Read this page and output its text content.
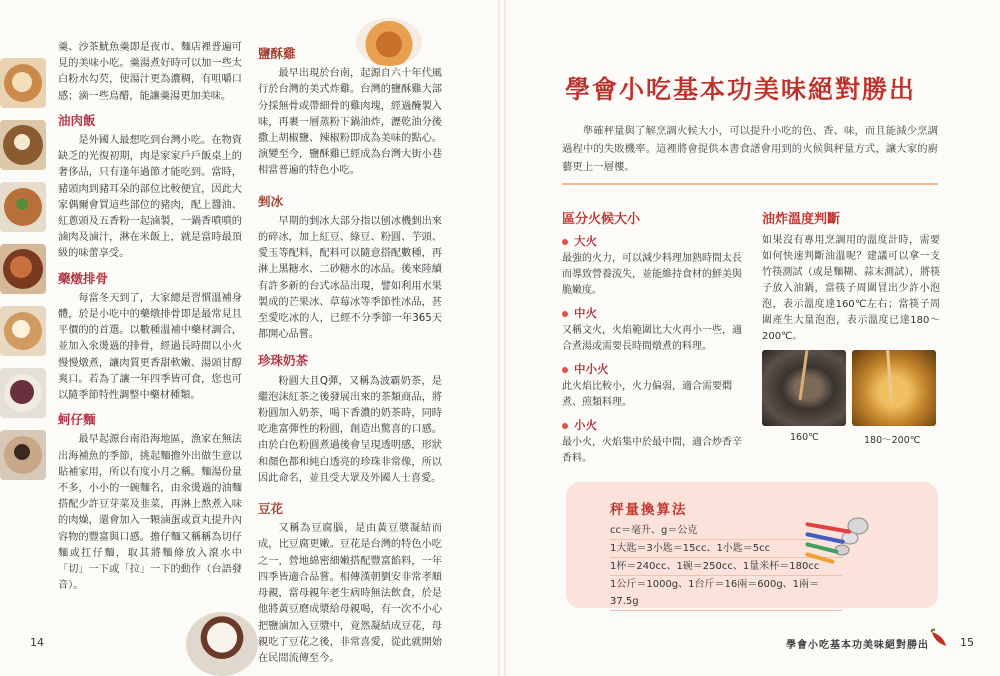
羹、沙茶魷魚羹即是夜市、麵店裡普遍可見的美味小吃。羹湯煮好時可以加一些太白粉水勾芡，使湯汁更為濃稠，有咀嚼口感；滴一些烏醋，能讓羹湯更加美味。
油肉飯
是外國人最想吃到台灣小吃。在物資缺乏的光復初期，肉是家家戶戶飯桌上的奢侈品，只有逢年過節才能吃到。當時，豬頭肉到豬耳朵的部位比較便宜，因此大家偶爾會買這些部位的豬肉，配上醬油、紅蔥頭及五香粉一起滷製，一鍋香噴噴的滷肉及滷汁，淋在米飯上，就是當時最頂級的味蕾享受。
藥燉排骨
每當冬天到了，大家總是習慣溫補身體，於是小吃中的藥燉排骨即是最常見且平價的的首選。以數種溫補中藥材調合，並加入氽燙過的排骨，經過長時間以小火慢慢燉煮，讓肉質更香甜軟嫩、湯頭甘醇爽口。若為了讓一年四季皆可食，您也可以隨季節特性調整中藥材種類。
蚵仔麵
最早起源台南沿海地區，漁家在無法出海補魚的季節，挑起麵擔外出做生意以貼補家用，所以有度小月之稱。麵湯份量不多，小小的一碗麵名，由氽燙過的油麵搭配少許豆芽菜及韭菜，再淋上熬煮入味的肉燥，還會加入一顆滷蛋或貢丸提升內容物的豐富與口感。擔仔麵又稱稱為切仔麵或扛仔麵，取其將麵條放入滾水中「切」一下或「拉」一下的動作（台語發音）。
鹽酥雞
最早出現於台南，起源自六十年代風行於台灣的美式炸雞。台灣的鹽酥雞大部分採無骨或帶細骨的雞肉塊，經過醃製入味，再裹一層蒸粉下鍋油炸，瀝乾油分後撒上胡椒鹽、辣椒粉即成為美味的點心。演變至今，鹽酥雞已經成為台灣大街小巷相當普遍的特色小吃。
剉冰
早期的剉冰大部分指以刨冰機剉出來的碎冰，加上紅豆、綠豆、粉圓、芋頭、愛玉等配料，配料可以隨意搭配數種，再淋上黑糖水、二砂糖水的冰品。後來陸續有許多新的台式冰品出現，譬如利用水果製成的芒果冰、草莓冰等季節性冰品，甚至愛吃冰的人，已經不分季節一年365天都開心品嘗。
珍珠奶茶
粉圓大且Q彈，又稱為波霸奶茶，是繼泡沫紅茶之後發展出來的茶類商品，將粉圓加入奶茶，喝下香濃的奶茶時，同時吃進富彈性的粉圓，創造出驚喜的口感。由於白色粉圓煮過後會呈現透明感，形狀和顏色都和純白透亮的珍珠非常像，所以因此命名，並且受大眾及外國人士喜愛。
豆花
又稱為豆腐腦，是由黃豆漿凝結而成，比豆腐更嫩。豆花是台灣的特色小吃之一，營地綿密細嫩搭配豐富餡料，一年四季皆適合品嘗。相傳漢朝劉安非常孝順母親，當母親年老生病時無法飲食，於是他將黃豆磨成漿給母親喝，有一次不小心把鹽滷加入豆漿中，竟然凝結成豆花，母親吃了豆花之後，非常喜愛，從此就開始在民間流傳至今。
14
學會小吃基本功美味絕對勝出
準確秤量與了解烹調火候大小，可以提升小吃的色、香、味，而且能減少烹調過程中的失敗機率。這裡將會提供本書食譜會用到的火候與秤量方式，讓大家的廚藝更上一層樓。
區分火候大小
大火
最強的火力，可以減少料理加熱時間太長而導致營養流失，並能維持食材的鮮美與脆嫩度。
中火
又稱文火，火焰範圍比大火再小一些，適合煮湯或需要長時間燉煮的料理。
中小火
此火焰比較小，火力偏弱，適合需要燜煮、煎類料理。
小火
最小火，火焰集中於最中間，適合炒香辛香料。
油炸溫度判斷
如果沒有專用烹調用的溫度計時，需要如何快速判斷油溫呢？建議可以拿一支竹筷測試（或是麵糊、蒜末測試），將筷子放入油鍋，當筷子周圍冒出少許小泡泡，表示溫度達160℃左右；當筷子周圍產生大量泡泡，表示溫度已達180～200℃。
160℃	180～200℃
秤量換算法
cc＝毫升、g＝公克
1大匙＝3小匙＝15cc、1小匙＝5cc
1杯＝240cc、1碗＝250cc、1量米杯＝180cc
1公斤＝1000g、1台斤＝16兩＝600g、1兩＝37.5g
學會小吃基本功美味絕對勝出	15
